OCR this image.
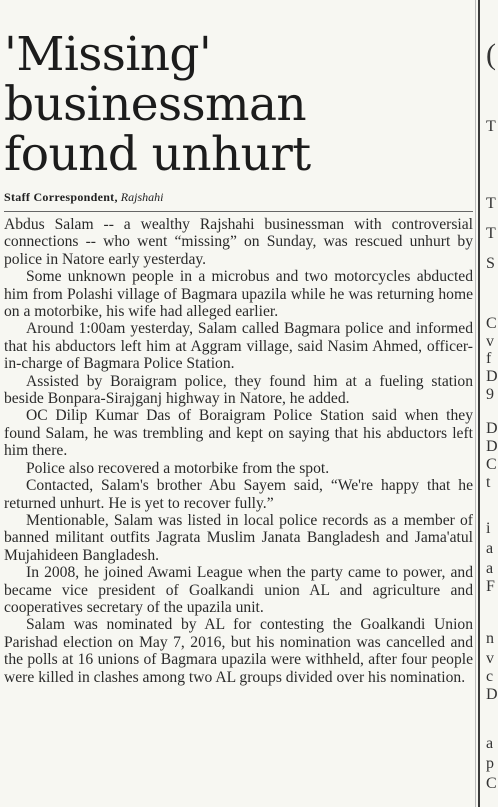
'Missing' businessman
found unhurt
Staff Correspondent, Rajshahi

Abdus Salam -- a wealthy Rajshahi businessman with controversial connections -- who went “missing” on Sunday, was rescued unhurt by police in Natore early yesterday.

Some unknown people in a microbus and two motorcycles abducted him from Polashi village of Bagmara upazila while he was returning home on a motorbike, his wife had alleged earlier.

Around 1:00am yesterday, Salam called Bagmara police and informed that his abductors left him at Aggram village, said Nasim Ahmed, officer-in-charge of Bagmara Police Station.

Assisted by Boraigram police, they found him at a fueling station beside Bonpara-Sirajganj highway in Natore, he added.

OC Dilip Kumar Das of Boraigram Police Station said when they found Salam, he was trembling and kept on saying that his abductors left him there.

Police also recovered a motorbike from the spot.

Contacted, Salam's brother Abu Sayem said, “We're happy that he returned unhurt. He is yet to recover fully.”

Mentionable, Salam was listed in local police records as a member of banned militant outfits Jagrata Muslim Janata Bangladesh and Jama'atul Mujahideen Bangladesh.

In 2008, he joined Awami League when the party came to power, and became vice president of Goalkandi union AL and agriculture and cooperatives secretary of the upazila unit.

Salam was nominated by AL for contesting the Goalkandi Union Parishad election on May 7, 2016, but his nomination was cancelled and the polls at 16 unions of Bagmara upazila were withheld, after four people were killed in clashes among two AL groups divided over his nomination.

(
T
T
T
S
C
v
f
D
9
D
D
C
t
i
a
a
F
n
v
c
D
a
p
C
